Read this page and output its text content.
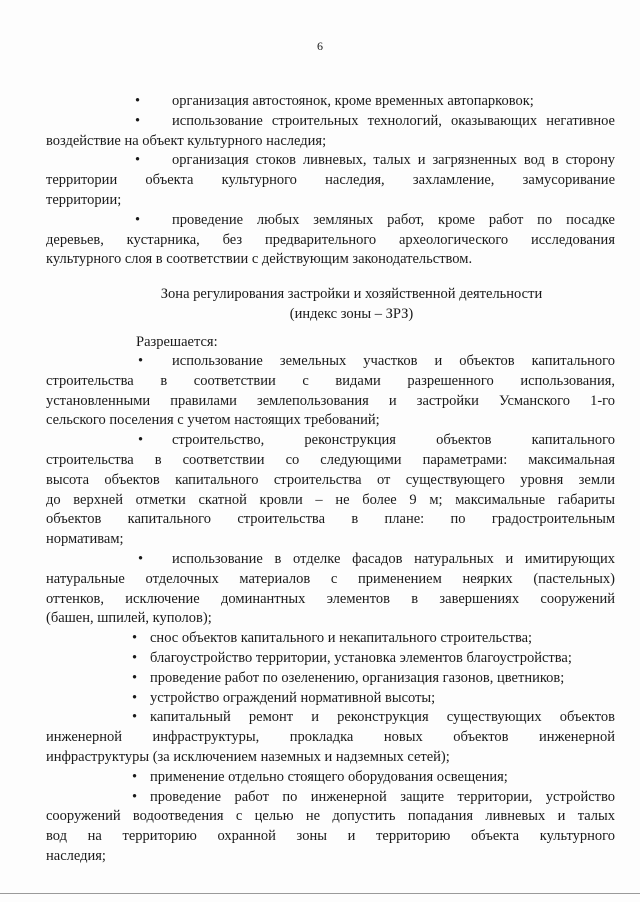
6
•	организация автостоянок, кроме временных автопарковок;
•	использование строительных технологий, оказывающих негативное
воздействие на объект культурного наследия;
•	организация стоков ливневых, талых и загрязненных вод в сторону
территории объекта культурного наследия, захламление, замусоривание
территории;
•	проведение любых земляных работ, кроме работ по посадке
деревьев, кустарника, без предварительного археологического исследования
культурного слоя в соответствии с действующим законодательством.
Зона регулирования застройки и хозяйственной деятельности
(индекс зоны – ЗРЗ)
Разрешается:
•	использование земельных участков и объектов капитального
строительства в соответствии с видами разрешенного использования,
установленными правилами землепользования и застройки Усманского 1-го
сельского поселения с учетом настоящих требований;
•	строительство, реконструкция объектов капитального
строительства в соответствии со следующими параметрами: максимальная
высота объектов капитального строительства от существующего уровня земли
до верхней отметки скатной кровли – не более 9 м; максимальные габариты
объектов капитального строительства в плане: по градостроительным
нормативам;
•	использование в отделке фасадов натуральных и имитирующих
натуральные отделочных материалов с применением неярких (пастельных)
оттенков, исключение доминантных элементов в завершениях сооружений
(башен, шпилей, куполов);
• снос объектов капитального и некапитального строительства;
• благоустройство территории, установка элементов благоустройства;
• проведение работ по озеленению, организация газонов, цветников;
• устройство ограждений нормативной высоты;
• капитальный ремонт и реконструкция существующих объектов
инженерной инфраструктуры, прокладка новых объектов инженерной
инфраструктуры (за исключением наземных и надземных сетей);
• применение отдельно стоящего оборудования освещения;
• проведение работ по инженерной защите территории, устройство
сооружений водоотведения с целью не допустить попадания ливневых и талых
вод на территорию охранной зоны и территорию объекта культурного
наследия;
